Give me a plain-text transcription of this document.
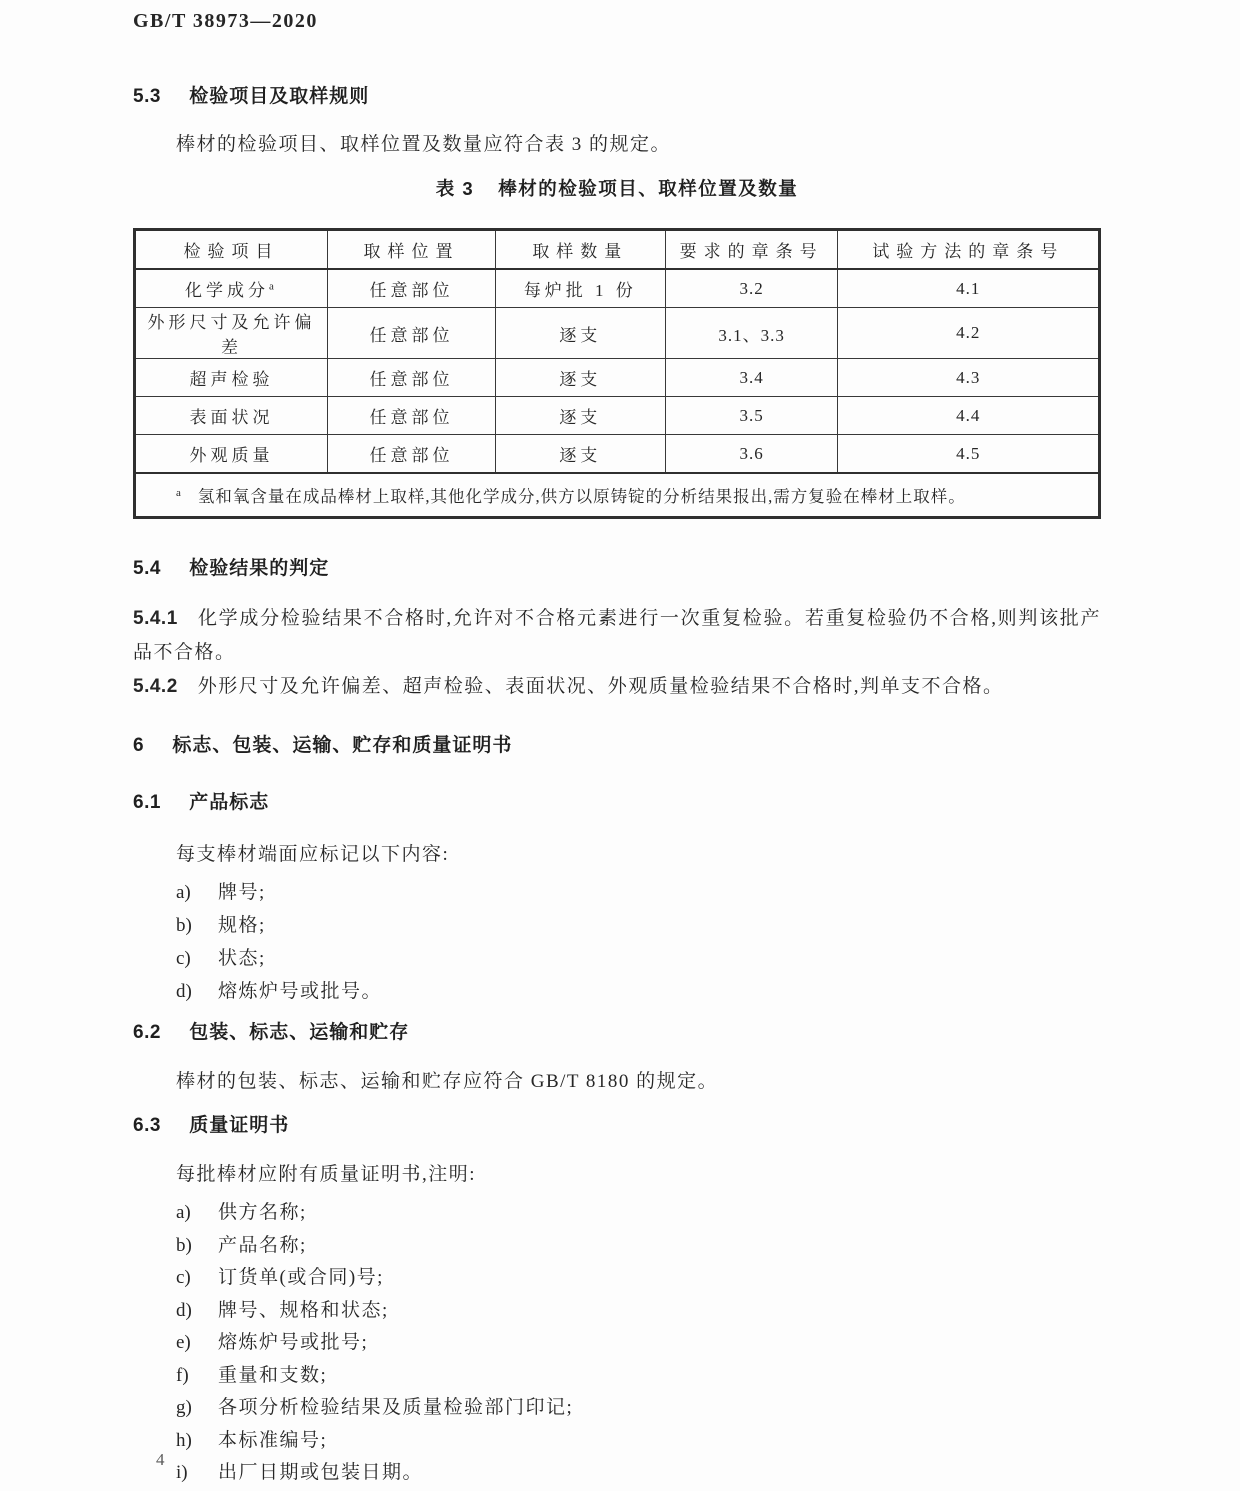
GB/T 38973—2020
5.3 检验项目及取样规则

棒材的检验项目、取样位置及数量应符合表 3 的规定。

表 3 棒材的检验项目、取样位置及数量
检验项目	取样位置	取样数量	要求的章条号	试验方法的章条号
化学成分$^a$	任意部位	每炉批 1 份	3.2	4.1
外形尺寸及允许偏差	任意部位	逐支	3.1、3.3	4.2
超声检验	任意部位	逐支	3.4	4.3
表面状况	任意部位	逐支	3.5	4.4
外观质量	任意部位	逐支	3.6	4.5
$^a$ 氢和氧含量在成品棒材上取样,其他化学成分,供方以原铸锭的分析结果报出,需方复验在棒材上取样。				
5.4 检验结果的判定

5.4.1 化学成分检验结果不合格时,允许对不合格元素进行一次重复检验。若重复检验仍不合格,则判该批产品不合格。

5.4.2 外形尺寸及允许偏差、超声检验、表面状况、外观质量检验结果不合格时,判单支不合格。

6 标志、包装、运输、贮存和质量证明书
6.1 产品标志

每支棒材端面应标记以下内容:

a) 牌号;
b) 规格;
c) 状态;
d) 熔炼炉号或批号。
6.2 包装、标志、运输和贮存

棒材的包装、标志、运输和贮存应符合 GB/T 8180 的规定。

6.3 质量证明书

每批棒材应附有质量证明书,注明:

a) 供方名称;
b) 产品名称;
c) 订货单(或合同)号;
d) 牌号、规格和状态;
e) 熔炼炉号或批号;
f) 重量和支数;
g) 各项分析检验结果及质量检验部门印记;
h) 本标准编号;
i) 出厂日期或包装日期。
4
